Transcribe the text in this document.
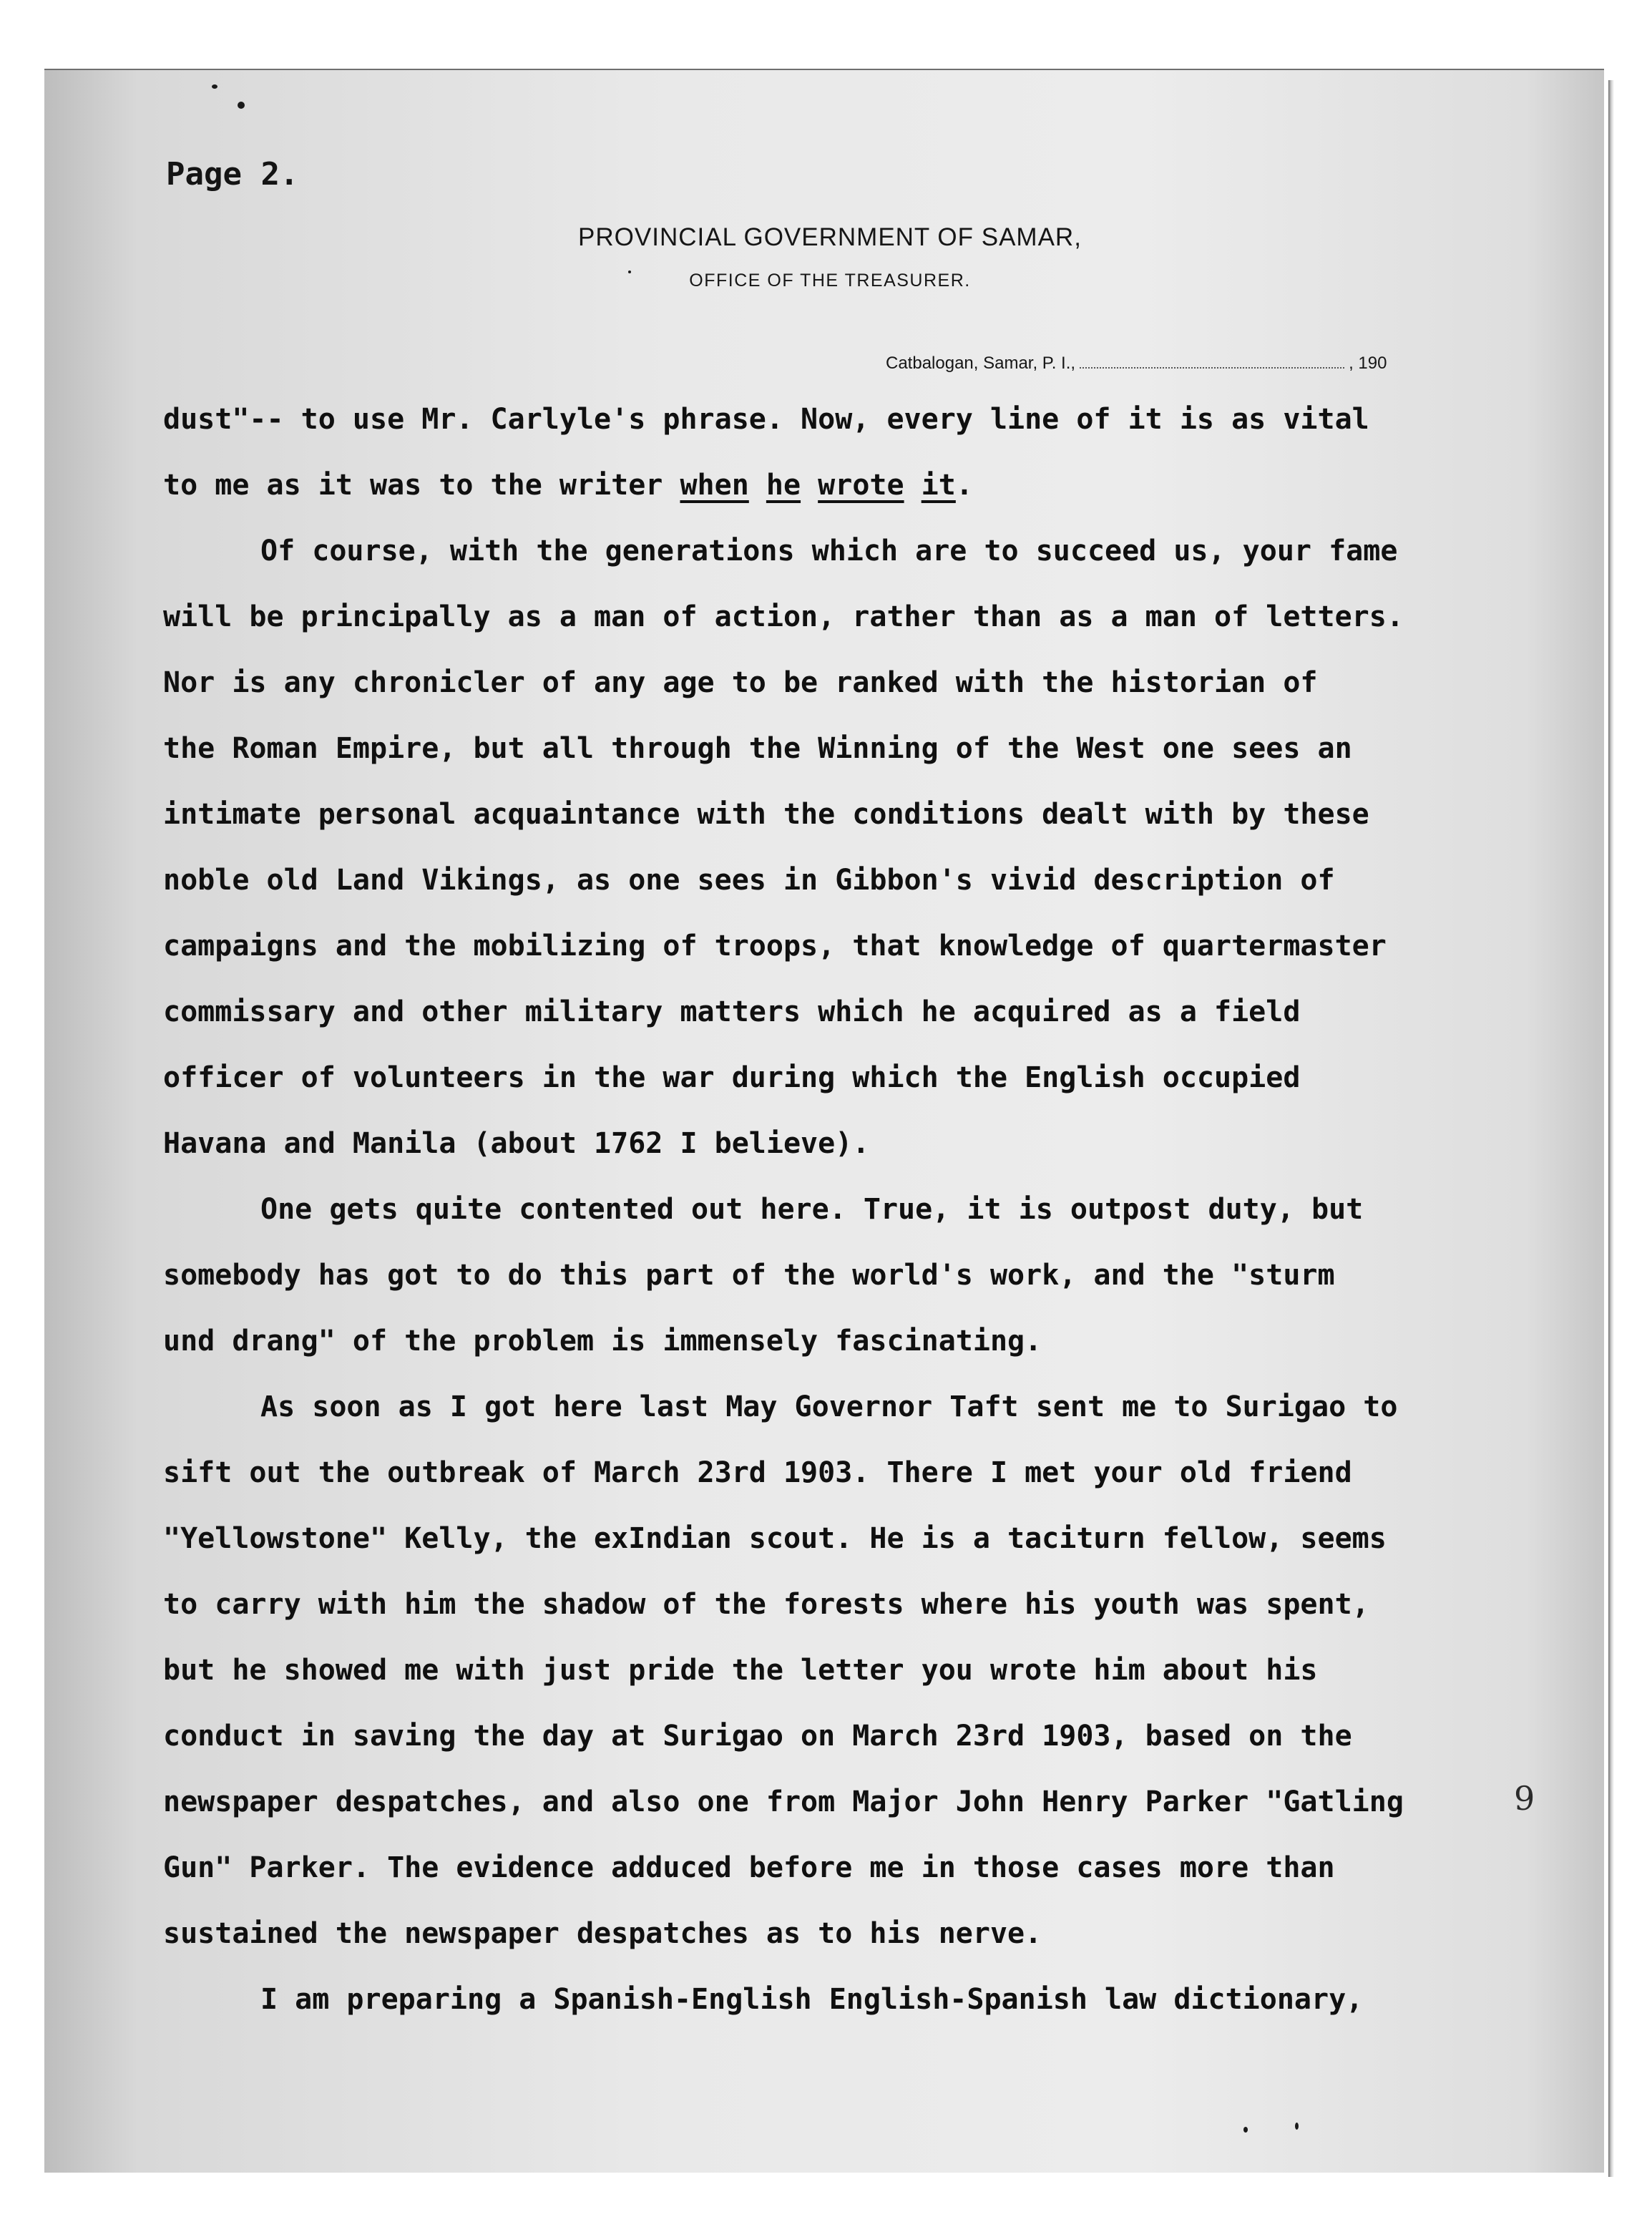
Page 2.
PROVINCIAL GOVERNMENT OF SAMAR,
OFFICE OF THE TREASURER.
Catbalogan, Samar, P. I.,	, 190
dust"-- to use Mr. Carlyle's phrase. Now, every line of it is as vital
to me as it was to the writer when he wrote it.
Of course, with the generations which are to succeed us, your fame
will be principally as a man of action, rather than as a man of letters.
Nor is any chronicler of any age to be ranked with the historian of
the Roman Empire, but all through the Winning of the West one sees an
intimate personal acquaintance with the conditions dealt with by these
noble old Land Vikings, as one sees in Gibbon's vivid description of
campaigns and the mobilizing of troops, that knowledge of quartermaster
commissary and other military matters which he acquired as a field
officer of volunteers in the war during which the English occupied
Havana and Manila (about 1762 I believe).
One gets quite contented out here. True, it is outpost duty, but
somebody has got to do this part of the world's work, and the "sturm
und drang" of the problem is immensely fascinating.
As soon as I got here last May Governor Taft sent me to Surigao to
sift out the outbreak of March 23rd 1903. There I met your old friend
"Yellowstone" Kelly, the exIndian scout. He is a taciturn fellow, seems
to carry with him the shadow of the forests where his youth was spent,
but he showed me with just pride the letter you wrote him about his
conduct in saving the day at Surigao on March 23rd 1903, based on the
newspaper despatches, and also one from Major John Henry Parker "Gatling
Gun" Parker. The evidence adduced before me in those cases more than
sustained the newspaper despatches as to his nerve.
I am preparing a Spanish-English English-Spanish law dictionary,
9
